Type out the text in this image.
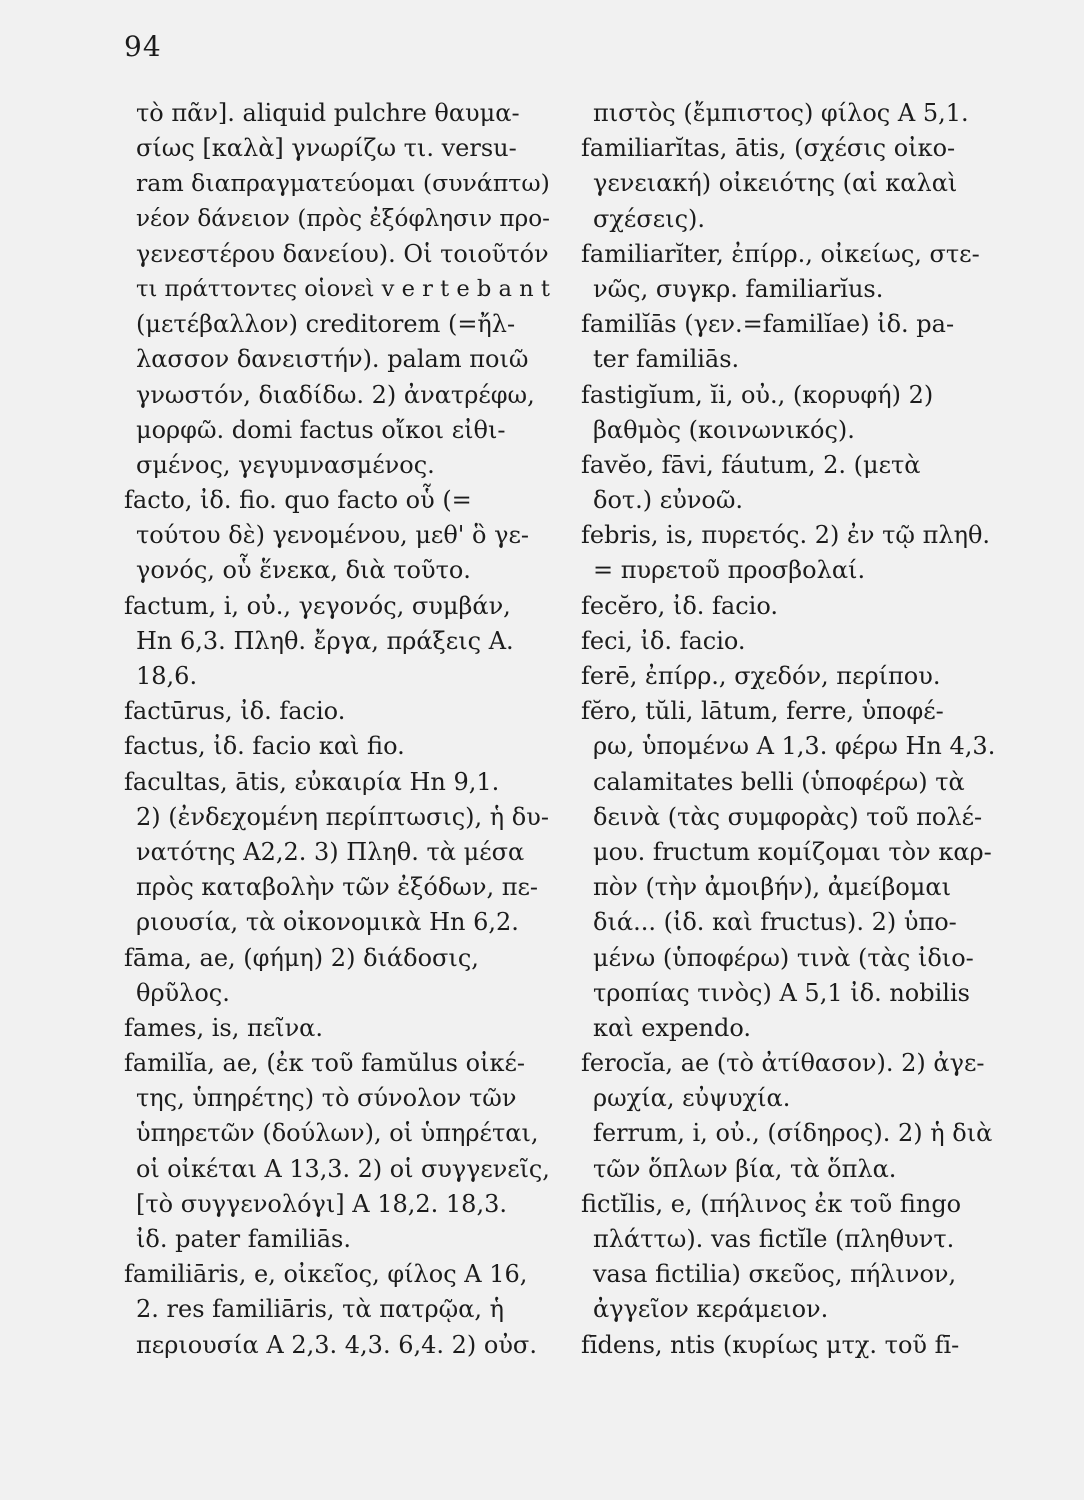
94
τὸ πᾶν]. aliquid pulchre θαυμα-
σίως [καλὰ] γνωρίζω τι. versu-
ram διαπραγματεύομαι (συνάπτω)
νέον δάνειον (πρὸς ἐξόφλησιν προ-
γενεστέρου δανείου). Οἱ τοιοῦτόν
τι πράττοντες οἱονεὶ v e r t e b a n t
(μετέβαλλον) creditorem (=ἤλ-
λασσον δανειστήν). palam ποιῶ
γνωστόν, διαδίδω. 2) ἀνατρέφω,
μορφῶ. domi factus οἴκοι εἰθι-
σμένος, γεγυμνασμένος.
facto, ἰδ. fio. quo facto οὗ (=
τούτου δὲ) γενομένου, μεθ' ὃ γε-
γονός, οὗ ἕνεκα, διὰ τοῦτο.
factum, i, οὐ., γεγονός, συμβάν,
Hn 6,3. Πληθ. ἔργα, πράξεις A.
18,6.
factūrus, ἰδ. facio.
factus, ἰδ. facio καὶ fio.
facultas, ātis, εὐκαιρία Hn 9,1.
2) (ἐνδεχομένη περίπτωσις), ἡ δυ-
νατότης A2,2. 3) Πληθ. τὰ μέσα
πρὸς καταβολὴν τῶν ἐξόδων, πε-
ριουσία, τὰ οἰκονομικὰ Hn 6,2.
fāma, ae, (φήμη) 2) διάδοσις,
θρῦλος.
fames, is, πεῖνα.
familĭa, ae, (ἐκ τοῦ famŭlus οἰκέ-
της, ὑπηρέτης) τὸ σύνολον τῶν
ὑπηρετῶν (δούλων), οἱ ὑπηρέται,
οἱ οἰκέται A 13,3. 2) οἱ συγγενεῖς,
[τὸ συγγενολόγι] A 18,2. 18,3.
ἰδ. pater familiās.
familiāris, e, οἰκεῖος, φίλος A 16,
2. res familiāris, τὰ πατρῷα, ἡ
περιουσία A 2,3. 4,3. 6,4. 2) οὐσ.
πιστὸς (ἔμπιστος) φίλος A 5,1.
familiarĭtas, ātis, (σχέσις οἰκο-
γενειακή) οἰκειότης (αἱ καλαὶ
σχέσεις).
familiarĭter, ἐπίρρ., οἰκείως, στε-
νῶς, συγκρ. familiarĭus.
familĭās (γεν.=familĭae) ἰδ. pa-
ter familiās.
fastigĭum, ĭi, οὐ., (κορυφή) 2)
βαθμὸς (κοινωνικός).
favĕo, fāvi, fáutum, 2. (μετὰ
δοτ.) εὐνοῶ.
febris, is, πυρετός. 2) ἐν τῷ πληθ.
= πυρετοῦ προσβολαί.
fecĕro, ἰδ. facio.
feci, ἰδ. facio.
ferē, ἐπίρρ., σχεδόν, περίπου.
fĕro, tŭli, lātum, ferre, ὑποφέ-
ρω, ὑπομένω A 1,3. φέρω Hn 4,3.
calamitates belli (ὑποφέρω) τὰ
δεινὰ (τὰς συμφορὰς) τοῦ πολέ-
μου. fructum κομίζομαι τὸν καρ-
πὸν (τὴν ἀμοιβήν), ἀμείβομαι
διά... (ἰδ. καὶ fructus). 2) ὑπο-
μένω (ὑποφέρω) τινὰ (τὰς ἰδιο-
τροπίας τινὸς) A 5,1 ἰδ. nobilis
καὶ expendo.
ferocĭa, ae (τὸ ἀτίθασον). 2) ἀγε-
ρωχία, εὐψυχία.
ferrum, i, οὐ., (σίδηρος). 2) ἡ διὰ
τῶν ὅπλων βία, τὰ ὅπλα.
fictĭlis, e, (πήλινος ἐκ τοῦ fingo
πλάττω). vas fictĭle (πληθυντ.
vasa fictilia) σκεῦος, πήλινον,
ἀγγεῖον κεράμειον.
fīdens, ntis (κυρίως μτχ. τοῦ fī-
